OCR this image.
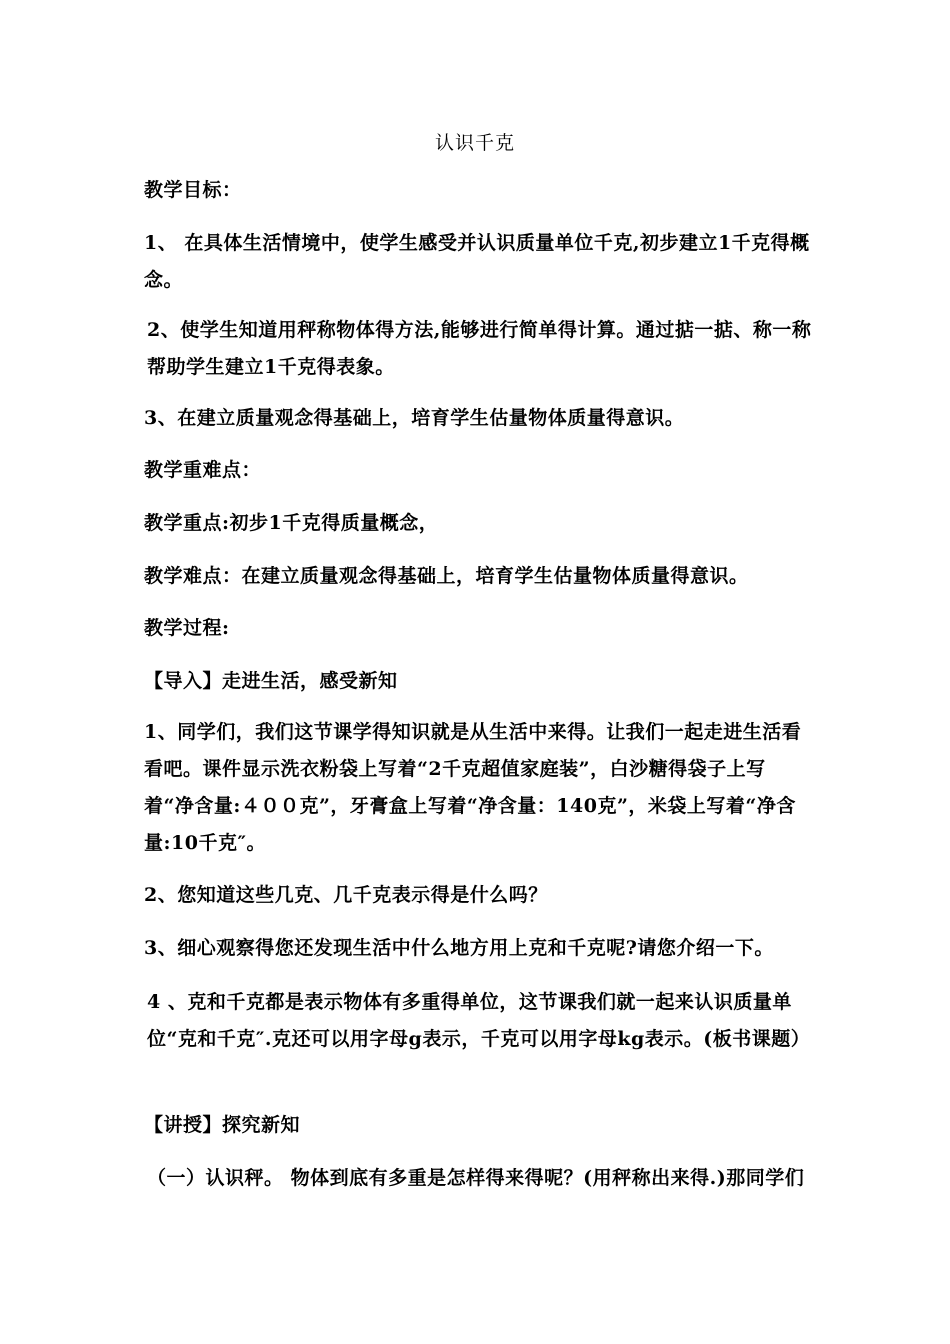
认识千克
教学目标：
1、 在具体生活情境中，使学生感受并认识质量单位千克,初步建立1千克得概念。
2、使学生知道用秤称物体得方法,能够进行简单得计算。通过掂一掂、称一称帮助学生建立1千克得表象。
3、在建立质量观念得基础上，培育学生估量物体质量得意识。
教学重难点：
教学重点:初步1千克得质量概念，
教学难点：在建立质量观念得基础上，培育学生估量物体质量得意识。
教学过程:
【导入】走进生活，感受新知
1、同学们，我们这节课学得知识就是从生活中来得。让我们一起走进生活看看吧。课件显示洗衣粉袋上写着“2千克超值家庭装”，白沙糖得袋子上写着“净含量:４００克”，牙膏盒上写着“净含量：140克”，米袋上写着“净含量:10千克″。
2、您知道这些几克、几千克表示得是什么吗？
3、细心观察得您还发现生活中什么地方用上克和千克呢?请您介绍一下。
4 、克和千克都是表示物体有多重得单位，这节课我们就一起来认识质量单位“克和千克″.克还可以用字母g表示，千克可以用字母kg表示。(板书课题）
【讲授】探究新知
（一）认识秤。 物体到底有多重是怎样得来得呢？(用秤称出来得.)那同学们
